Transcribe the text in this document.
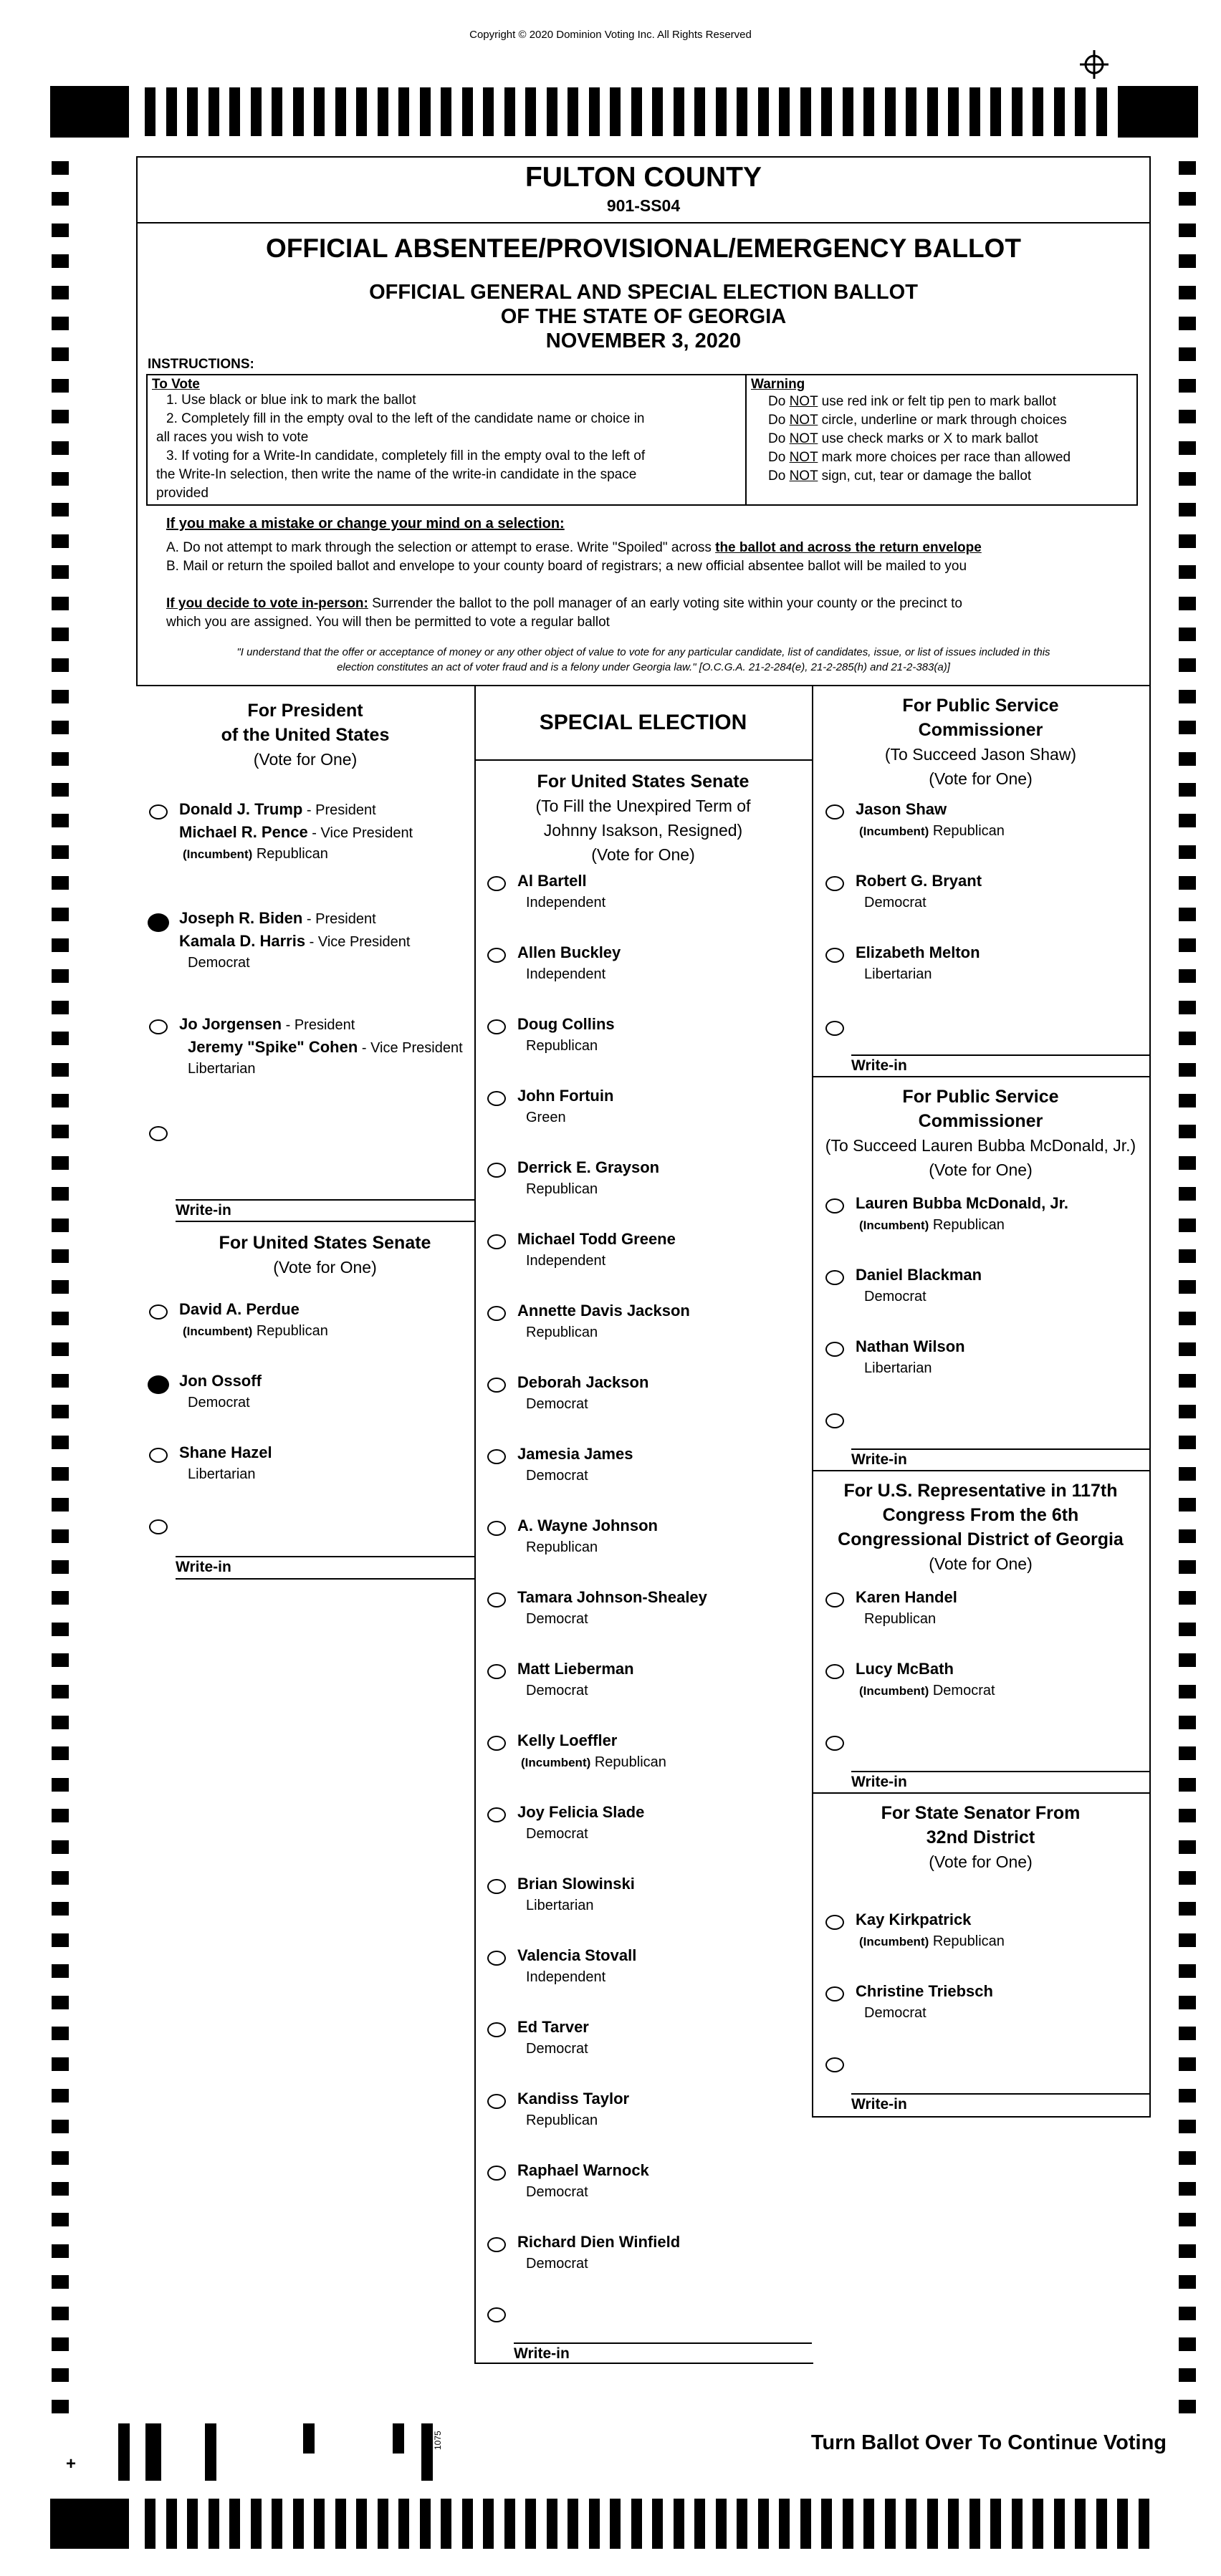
Copyright © 2020 Dominion Voting Inc. All Rights Reserved
FULTON COUNTY
901-SS04
OFFICIAL ABSENTEE/PROVISIONAL/EMERGENCY BALLOT
OFFICIAL GENERAL AND SPECIAL ELECTION BALLOT
OF THE STATE OF GEORGIA
NOVEMBER 3, 2020
INSTRUCTIONS:
To Vote
1. Use black or blue ink to mark the ballot
2. Completely fill in the empty oval to the left of the candidate name or choice in
all races you wish to vote
3. If voting for a Write-In candidate, completely fill in the empty oval to the left of
the Write-In selection, then write the name of the write-in candidate in the space
provided
Warning
Do NOT use red ink or felt tip pen to mark ballot
Do NOT circle, underline or mark through choices
Do NOT use check marks or X to mark ballot
Do NOT mark more choices per race than allowed
Do NOT sign, cut, tear or damage the ballot
If you make a mistake or change your mind on a selection:
A. Do not attempt to mark through the selection or attempt to erase. Write "Spoiled" across the ballot and across the return envelope
B. Mail or return the spoiled ballot and envelope to your county board of registrars; a new official absentee ballot will be mailed to you
If you decide to vote in-person: Surrender the ballot to the poll manager of an early voting site within your county or the precinct to
which you are assigned. You will then be permitted to vote a regular ballot
"I understand that the offer or acceptance of money or any other object of value to vote for any particular candidate, list of candidates, issue, or list of issues included in this
election constitutes an act of voter fraud and is a felony under Georgia law." [O.C.G.A. 21-2-284(e), 21-2-285(h) and 21-2-383(a)]
For President
of the United States
(Vote for One)
Donald J. Trump - President
Michael R. Pence - Vice President
(Incumbent) Republican
Joseph R. Biden - President
Kamala D. Harris - Vice President
Democrat
Jo Jorgensen - President
Jeremy "Spike" Cohen - Vice President
Libertarian
Write-in
For United States Senate
(Vote for One)
David A. Perdue
(Incumbent) Republican
Jon Ossoff
Democrat
Shane Hazel
Libertarian
Write-in
SPECIAL ELECTION
For United States Senate
(To Fill the Unexpired Term of
Johnny Isakson, Resigned)
(Vote for One)
Al Bartell
Independent
Allen Buckley
Independent
Doug Collins
Republican
John Fortuin
Green
Derrick E. Grayson
Republican
Michael Todd Greene
Independent
Annette Davis Jackson
Republican
Deborah Jackson
Democrat
Jamesia James
Democrat
A. Wayne Johnson
Republican
Tamara Johnson-Shealey
Democrat
Matt Lieberman
Democrat
Kelly Loeffler
(Incumbent) Republican
Joy Felicia Slade
Democrat
Brian Slowinski
Libertarian
Valencia Stovall
Independent
Ed Tarver
Democrat
Kandiss Taylor
Republican
Raphael Warnock
Democrat
Richard Dien Winfield
Democrat
Write-in
For Public Service
Commissioner
(To Succeed Jason Shaw)
(Vote for One)
Jason Shaw
(Incumbent) Republican
Robert G. Bryant
Democrat
Elizabeth Melton
Libertarian
Write-in
For Public Service
Commissioner
(To Succeed Lauren Bubba McDonald, Jr.)
(Vote for One)
Lauren Bubba McDonald, Jr.
(Incumbent) Republican
Daniel Blackman
Democrat
Nathan Wilson
Libertarian
Write-in
For U.S. Representative in 117th
Congress From the 6th
Congressional District of Georgia
(Vote for One)
Karen Handel
Republican
Lucy McBath
(Incumbent) Democrat
Write-in
For State Senator From
32nd District
(Vote for One)
Kay Kirkpatrick
(Incumbent) Republican
Christine Triebsch
Democrat
Write-in
Turn Ballot Over To Continue Voting
+
1075
